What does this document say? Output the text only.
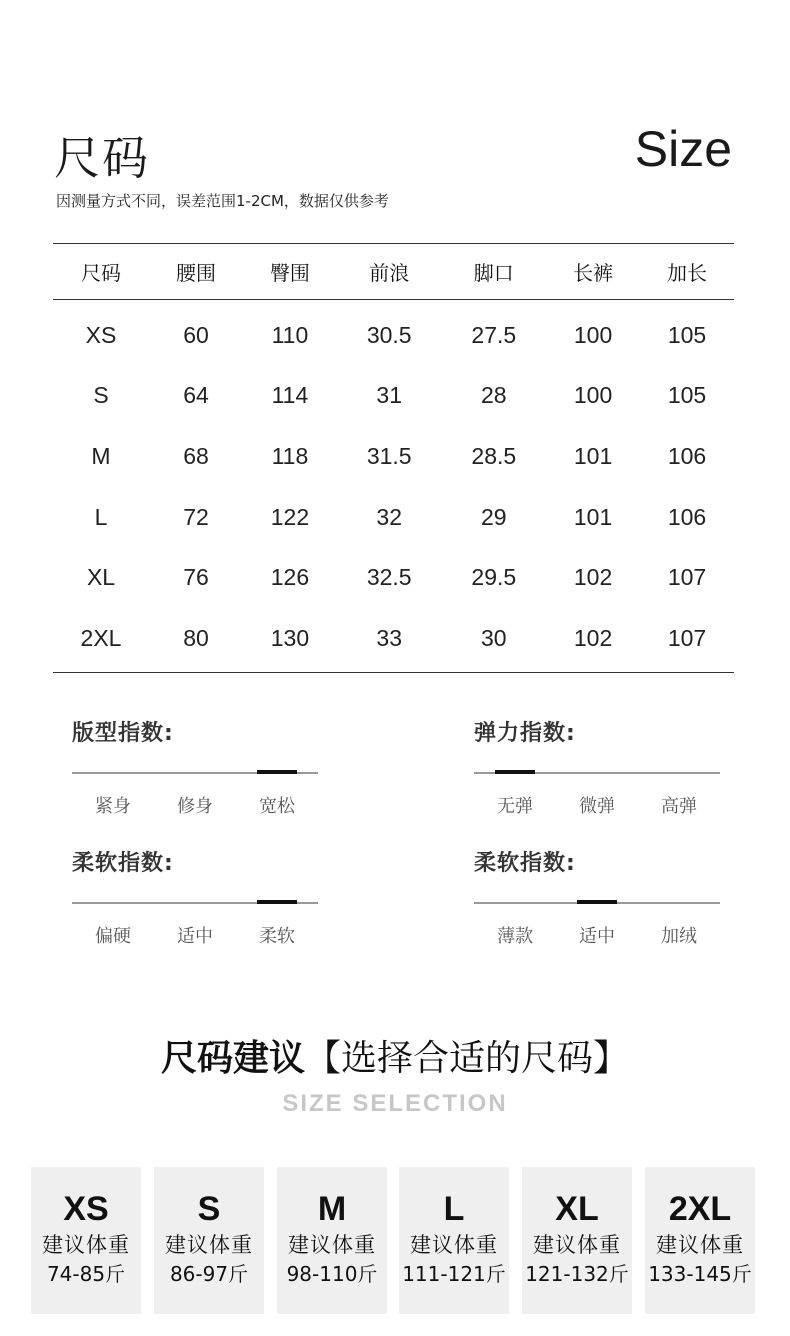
尺码	Size
因测量方式不同，误差范围1-2CM，数据仅供参考
尺码	腰围	臀围	前浪	脚口	长裤	加长
XS	60	110	30.5	27.5	100	105
S	64	114	31	28	100	105
M	68	118	31.5	28.5	101	106
L	72	122	32	29	101	106
XL	76	126	32.5	29.5	102	107
2XL	80	130	33	30	102	107
版型指数:
紧身	修身	宽松
弹力指数:
无弹	微弹	高弹
柔软指数:
偏硬	适中	柔软
柔软指数:
薄款	适中	加绒
尺码建议【选择合适的尺码】
SIZE SELECTION
XS
建议体重
74-85斤
S
建议体重
86-97斤
M
建议体重
98-110斤
L
建议体重
111-121斤
XL
建议体重
121-132斤
2XL
建议体重
133-145斤
